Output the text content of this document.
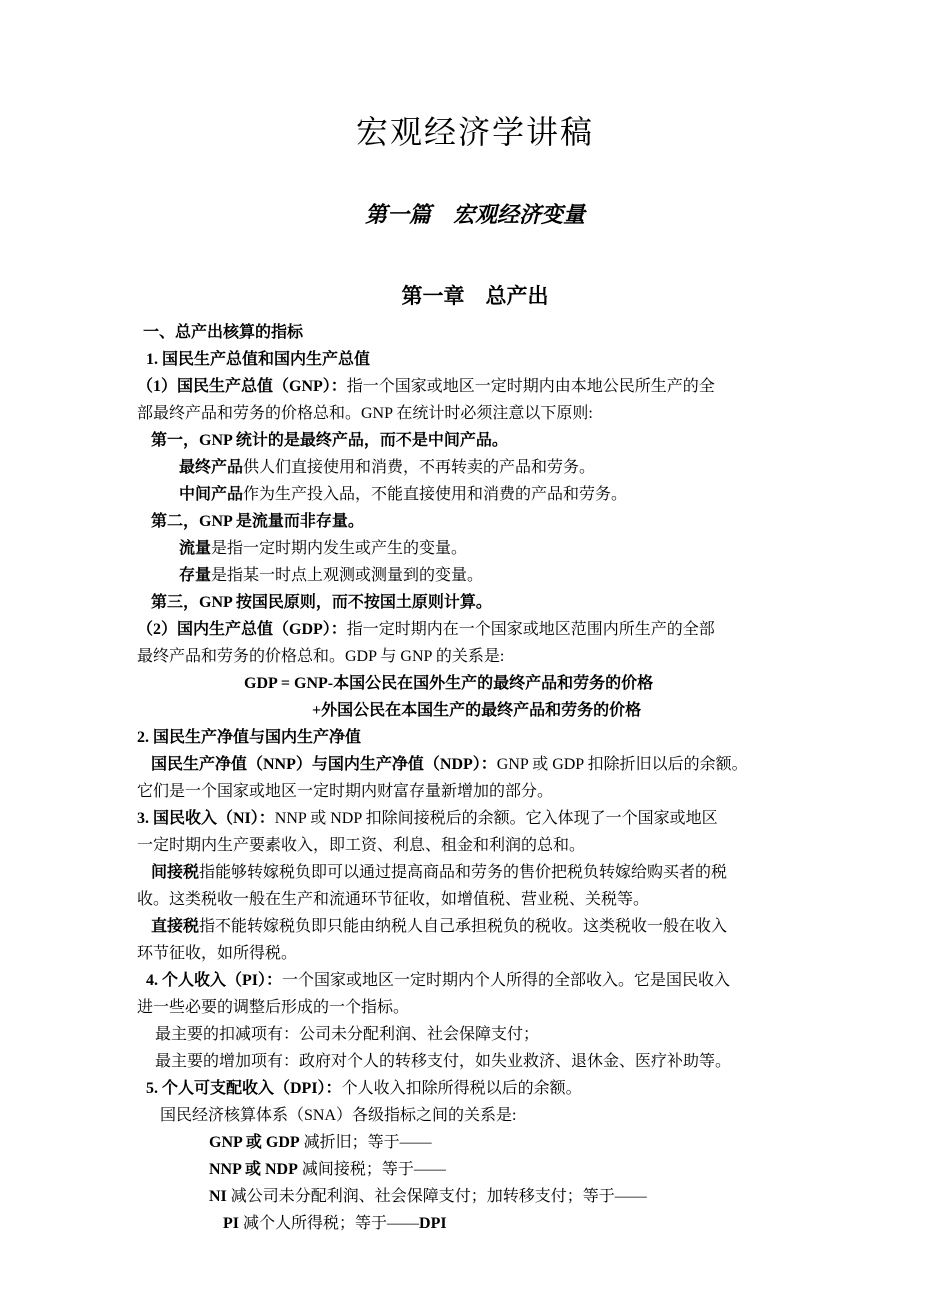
宏观经济学讲稿
第一篇　宏观经济变量
第一章　总产出
一、总产出核算的指标
1. 国民生产总值和国内生产总值
（1）国民生产总值（GNP）：指一个国家或地区一定时期内由本地公民所生产的全
部最终产品和劳务的价格总和。GNP 在统计时必须注意以下原则:
第一，GNP 统计的是最终产品，而不是中间产品。
最终产品供人们直接使用和消费，不再转卖的产品和劳务。
中间产品作为生产投入品，不能直接使用和消费的产品和劳务。
第二，GNP 是流量而非存量。
流量是指一定时期内发生或产生的变量。
存量是指某一时点上观测或测量到的变量。
第三，GNP 按国民原则，而不按国土原则计算。
（2）国内生产总值（GDP）：指一定时期内在一个国家或地区范围内所生产的全部
最终产品和劳务的价格总和。GDP 与 GNP 的关系是:
GDP = GNP-本国公民在国外生产的最终产品和劳务的价格
+外国公民在本国生产的最终产品和劳务的价格
2. 国民生产净值与国内生产净值
国民生产净值（NNP）与国内生产净值（NDP）：GNP 或 GDP 扣除折旧以后的余额。
它们是一个国家或地区一定时期内财富存量新增加的部分。
3. 国民收入（NI）：NNP 或 NDP 扣除间接税后的余额。它入体现了一个国家或地区
一定时期内生产要素收入，即工资、利息、租金和利润的总和。
间接税指能够转嫁税负即可以通过提高商品和劳务的售价把税负转嫁给购买者的税
收。这类税收一般在生产和流通环节征收，如增值税、营业税、关税等。
直接税指不能转嫁税负即只能由纳税人自己承担税负的税收。这类税收一般在收入
环节征收，如所得税。
4. 个人收入（PI）：一个国家或地区一定时期内个人所得的全部收入。它是国民收入
进一些必要的调整后形成的一个指标。
最主要的扣减项有：公司未分配利润、社会保障支付；
最主要的增加项有：政府对个人的转移支付，如失业救济、退休金、医疗补助等。
5. 个人可支配收入（DPI）：个人收入扣除所得税以后的余额。
国民经济核算体系（SNA）各级指标之间的关系是:
GNP 或 GDP 减折旧；等于——
NNP 或 NDP 减间接税；等于——
NI 减公司未分配利润、社会保障支付；加转移支付；等于——
PI 减个人所得税；等于——DPI
